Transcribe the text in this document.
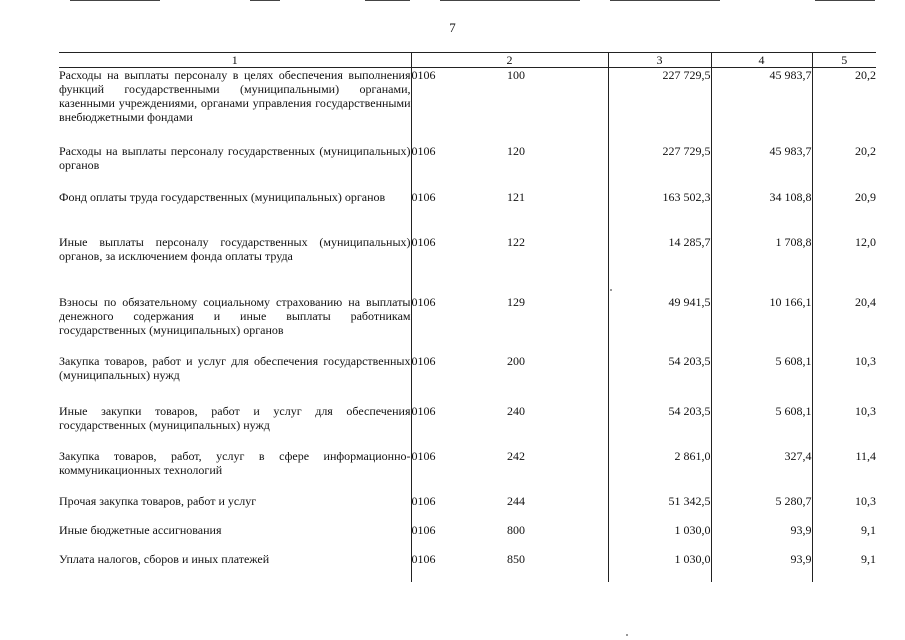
7
1	2		3	4	5
Расходы на выплаты персоналу в целях обеспечения выполнения функций государственными (муниципальными) органами, казенными учреждениями, органами управления государственными внебюджетными фондами	0106	100	227 729,5	45 983,7	20,2
Расходы на выплаты персоналу государственных (муниципальных) органов	0106	120	227 729,5	45 983,7	20,2
Фонд оплаты труда государственных (муниципальных) органов	0106	121	163 502,3	34 108,8	20,9
Иные выплаты персоналу государственных (муниципальных) органов, за исключением фонда оплаты труда	0106	122	14 285,7	1 708,8	12,0
Взносы по обязательному социальному страхованию на выплаты денежного содержания и иные выплаты работникам государственных (муниципальных) органов	0106	129	49 941,5	10 166,1	20,4
Закупка товаров, работ и услуг для обеспечения государственных (муниципальных) нужд	0106	200	54 203,5	5 608,1	10,3
Иные закупки товаров, работ и услуг для обеспечения государственных (муниципальных) нужд	0106	240	54 203,5	5 608,1	10,3
Закупка товаров, работ, услуг в сфере информационно-коммуникационных технологий	0106	242	2 861,0	327,4	11,4
Прочая закупка товаров, работ и услуг	0106	244	51 342,5	5 280,7	10,3
Иные бюджетные ассигнования	0106	800	1 030,0	93,9	9,1
Уплата налогов, сборов и иных платежей	0106	850	1 030,0	93,9	9,1
